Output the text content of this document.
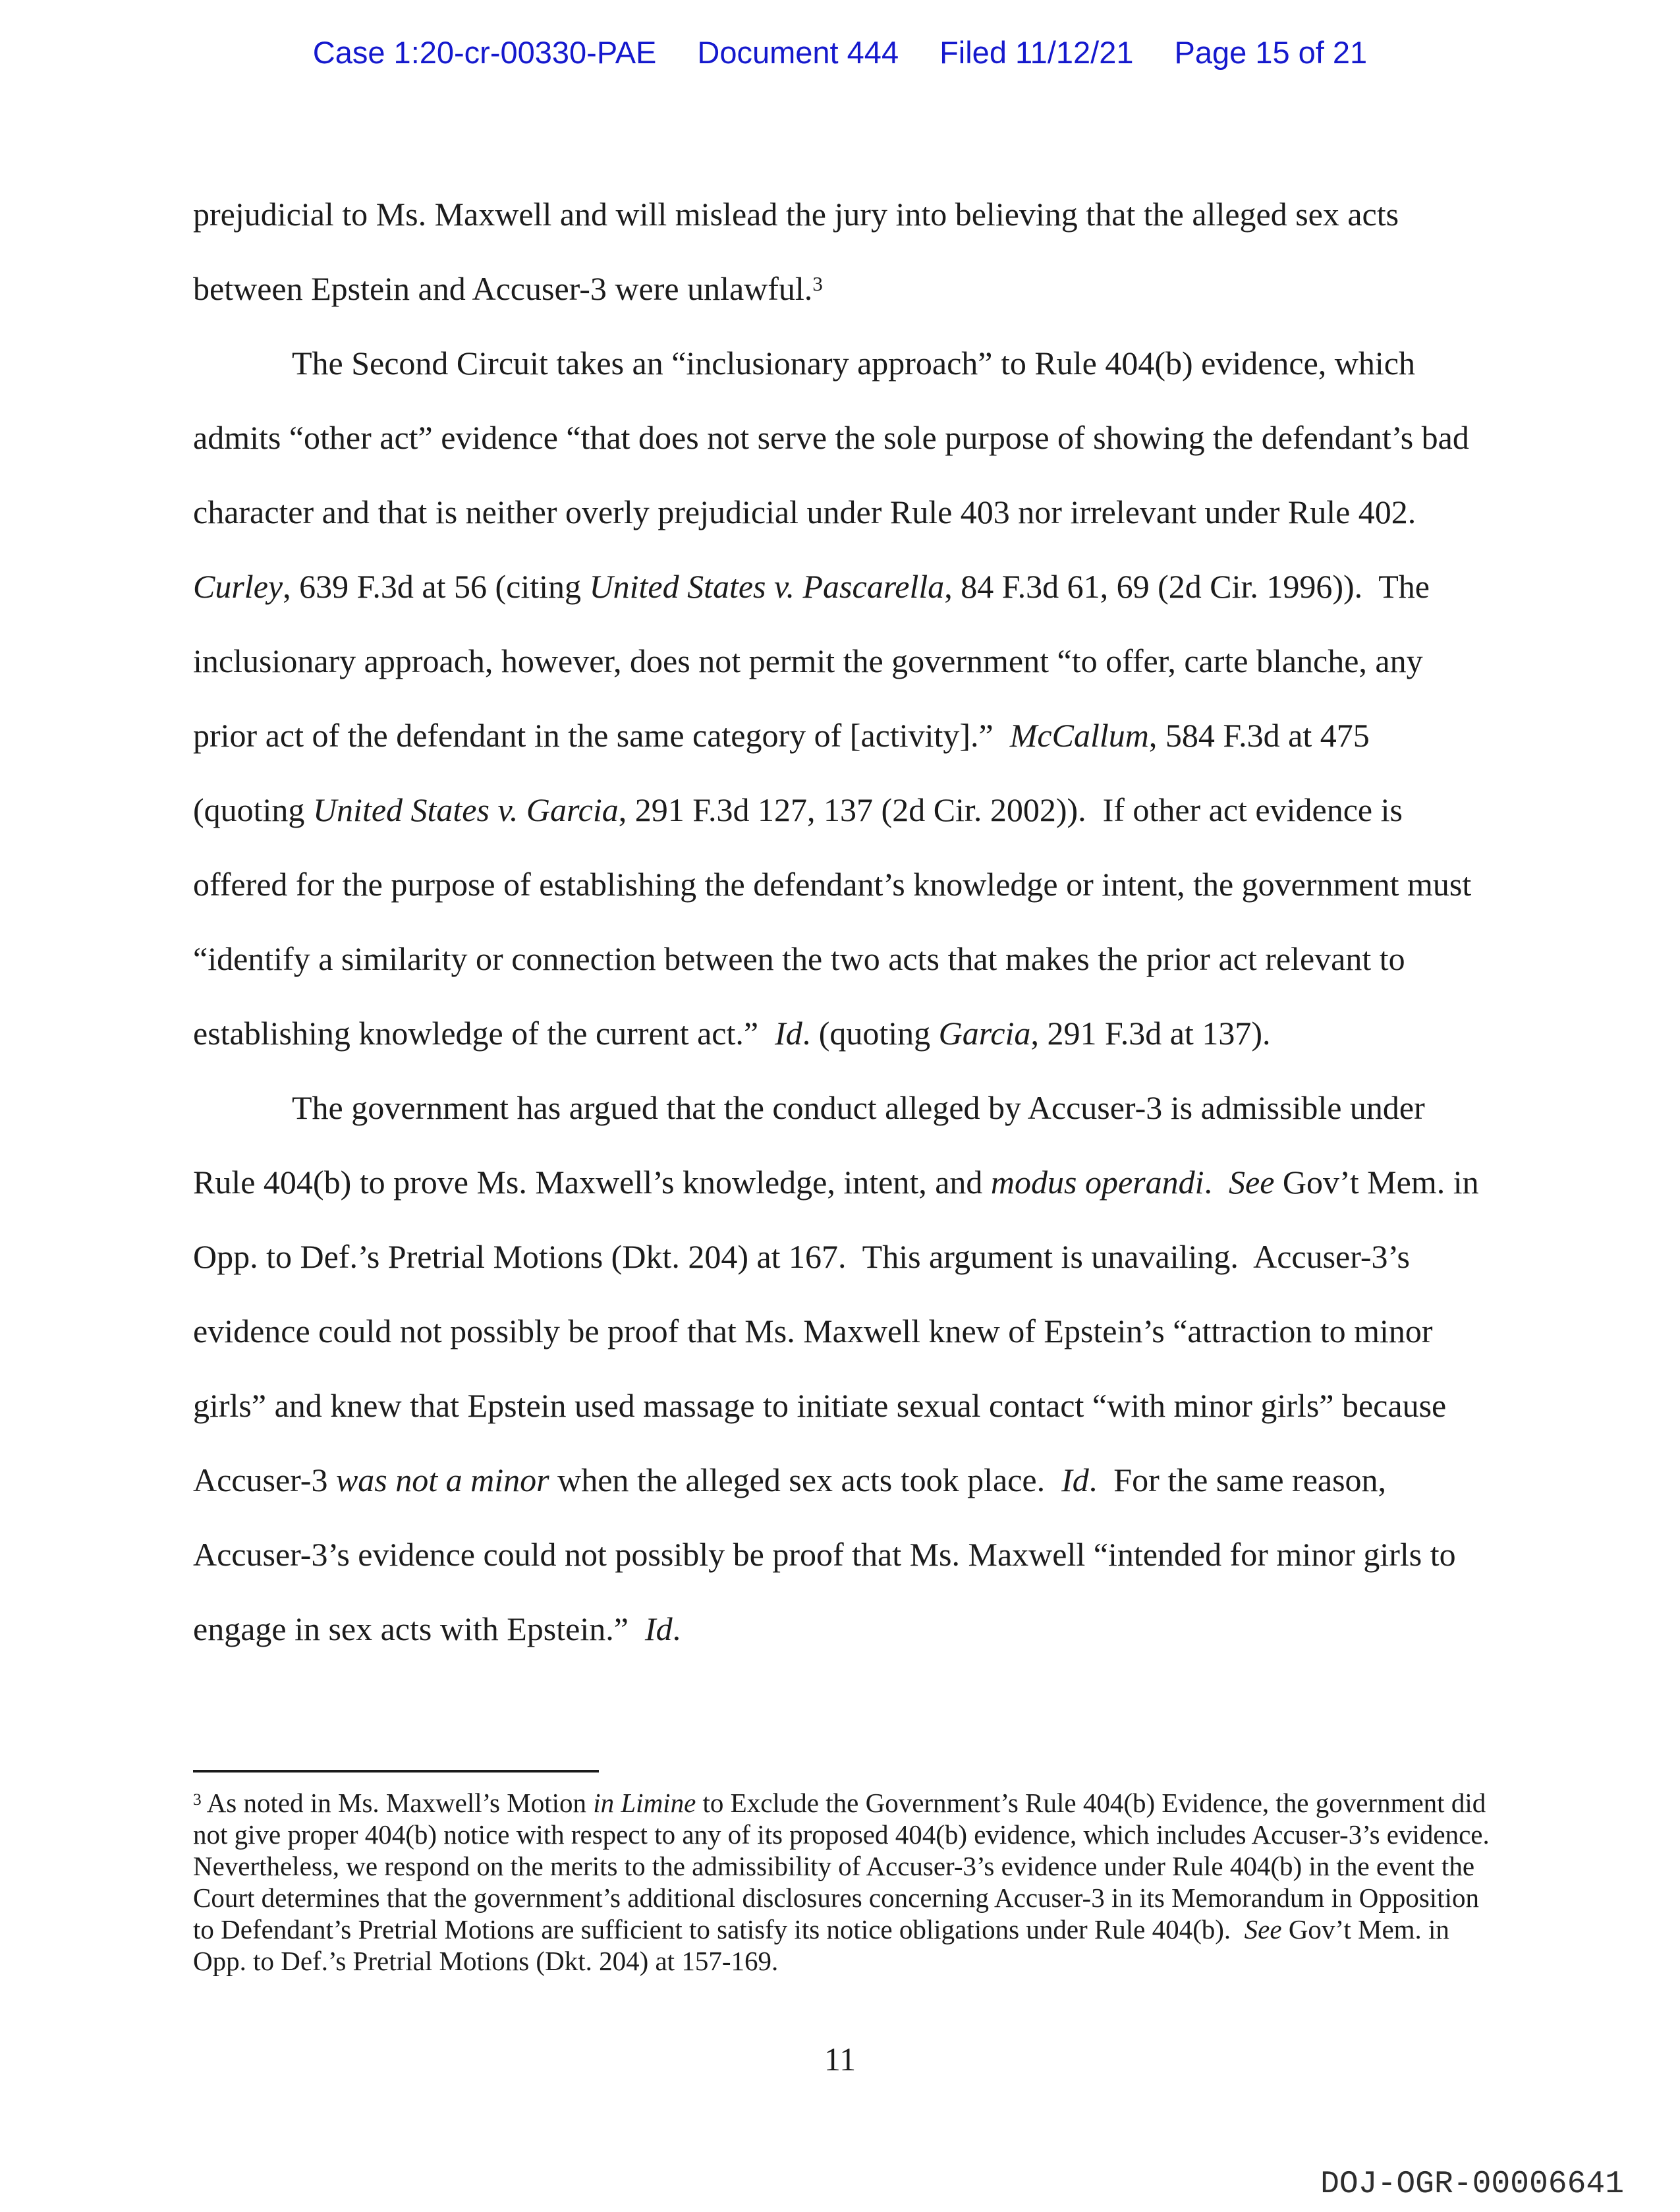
Case 1:20-cr-00330-PAE Document 444 Filed 11/12/21 Page 15 of 21

prejudicial to Ms. Maxwell and will mislead the jury into believing that the alleged sex acts between Epstein and Accuser-3 were unlawful.$^3$

The Second Circuit takes an “inclusionary approach” to Rule 404(b) evidence, which admits “other act” evidence “that does not serve the sole purpose of showing the defendant’s bad character and that is neither overly prejudicial under Rule 403 nor irrelevant under Rule 402.  Curley, 639 F.3d at 56 (citing United States v. Pascarella, 84 F.3d 61, 69 (2d Cir. 1996)).  The inclusionary approach, however, does not permit the government “to offer, carte blanche, any prior act of the defendant in the same category of [activity].”  McCallum, 584 F.3d at 475 (quoting United States v. Garcia, 291 F.3d 127, 137 (2d Cir. 2002)).  If other act evidence is offered for the purpose of establishing the defendant’s knowledge or intent, the government must “identify a similarity or connection between the two acts that makes the prior act relevant to establishing knowledge of the current act.”  Id. (quoting Garcia, 291 F.3d at 137).

The government has argued that the conduct alleged by Accuser-3 is admissible under Rule 404(b) to prove Ms. Maxwell’s knowledge, intent, and modus operandi.  See Gov’t Mem. in Opp. to Def.’s Pretrial Motions (Dkt. 204) at 167.  This argument is unavailing.  Accuser-3’s evidence could not possibly be proof that Ms. Maxwell knew of Epstein’s “attraction to minor girls” and knew that Epstein used massage to initiate sexual contact “with minor girls” because Accuser-3 was not a minor when the alleged sex acts took place.  Id.  For the same reason, Accuser-3’s evidence could not possibly be proof that Ms. Maxwell “intended for minor girls to engage in sex acts with Epstein.”  Id.

$^3$ As noted in Ms. Maxwell’s Motion in Limine to Exclude the Government’s Rule 404(b) Evidence, the government did not give proper 404(b) notice with respect to any of its proposed 404(b) evidence, which includes Accuser-3’s evidence.  Nevertheless, we respond on the merits to the admissibility of Accuser-3’s evidence under Rule 404(b) in the event the Court determines that the government’s additional disclosures concerning Accuser-3 in its Memorandum in Opposition to Defendant’s Pretrial Motions are sufficient to satisfy its notice obligations under Rule 404(b).  See Gov’t Mem. in Opp. to Def.’s Pretrial Motions (Dkt. 204) at 157-169.
11
DOJ-OGR-00006641
